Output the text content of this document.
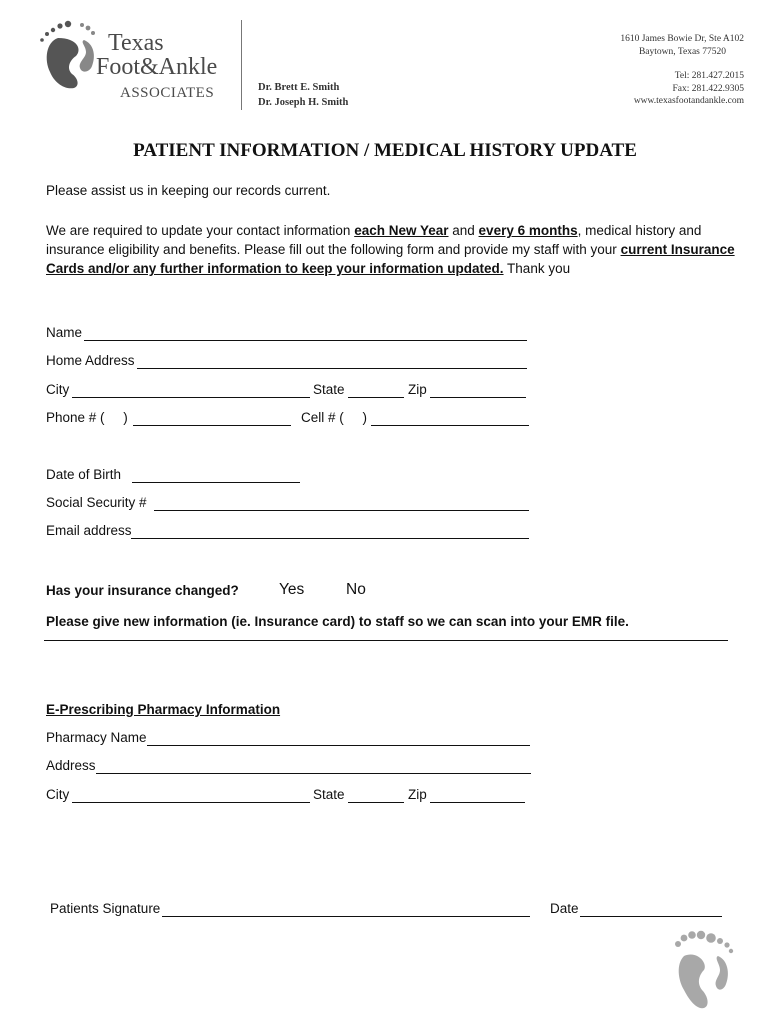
Texas
Foot&Ankle
ASSOCIATES	Dr. Brett E. Smith
Dr. Joseph H. Smith
1610 James Bowie Dr, Ste A102
Baytown, Texas 77520
Tel: 281.427.2015
Fax: 281.422.9305
www.texasfootandankle.com
PATIENT INFORMATION / MEDICAL HISTORY UPDATE
Please assist us in keeping our records current.
We are required to update your contact information each New Year and every 6 months, medical history and insurance eligibility and benefits. Please fill out the following form and provide my staff with your current Insurance Cards and/or any further information to keep your information updated. Thank you
Name
Home Address
City	State	Zip
Phone # (     )	Cell # (     )
Date of Birth
Social Security #
Email address
Has your insurance changed?	Yes	No
Please give new information (ie. Insurance card) to staff so we can scan into your EMR file.
E-Prescribing Pharmacy Information
Pharmacy Name
Address
City	State	Zip
Patients Signature	Date
